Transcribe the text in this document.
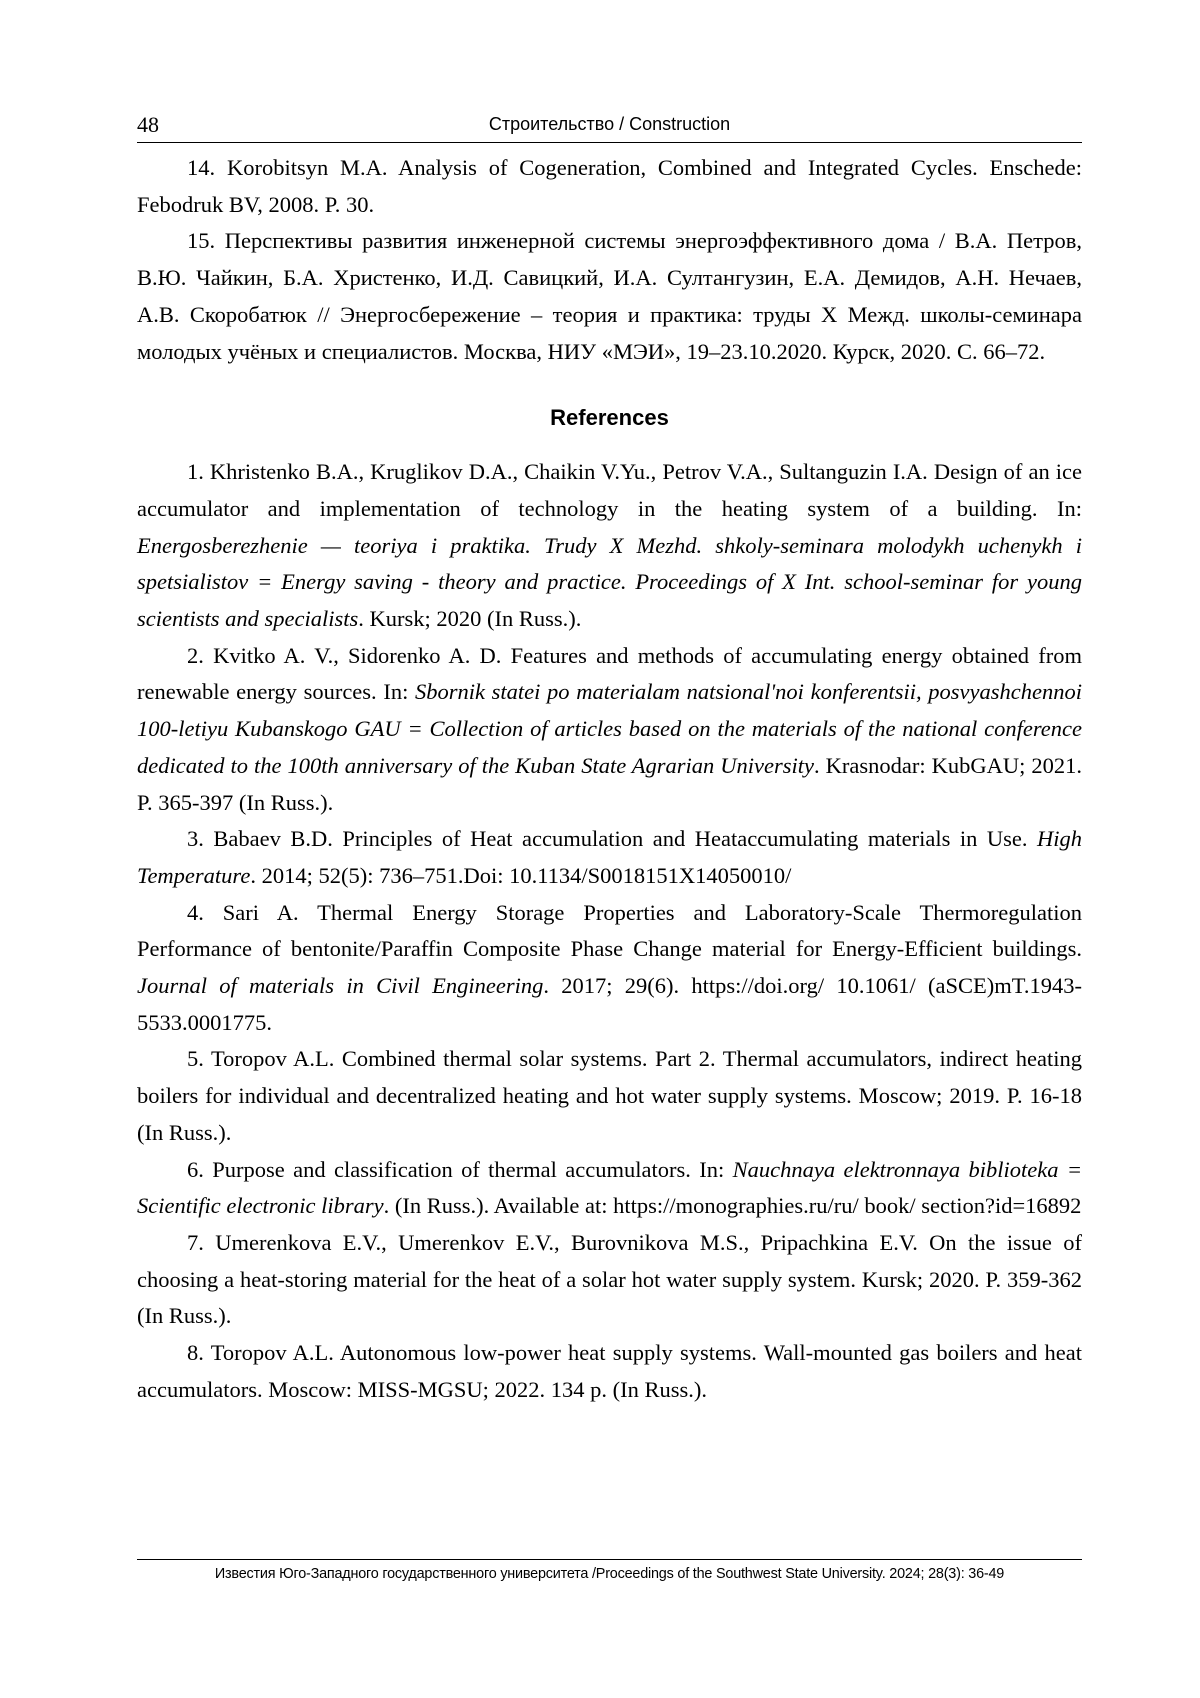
48	Строительство / Construction

14. Korobitsyn M.A. Analysis of Cogeneration, Combined and Integrated Cycles. Enschede: Febodruk BV, 2008. P. 30.

15. Перспективы развития инженерной системы энергоэффективного дома / В.А. Петров, В.Ю. Чайкин, Б.А. Христенко, И.Д. Савицкий, И.А. Султангузин, Е.А. Демидов, А.Н. Нечаев, А.В. Скоробатюк // Энергосбережение – теория и практика: труды X Межд. школы-семинара молодых учёных и специалистов. Москва, НИУ «МЭИ», 19–23.10.2020. Курск, 2020. С. 66–72.

References

1. Khristenko B.A., Kruglikov D.A., Chaikin V.Yu., Petrov V.A., Sultanguzin I.A. Design of an ice accumulator and implementation of technology in the heating system of a building. In: Energosberezhenie — teoriya i praktika. Trudy X Mezhd. shkoly-seminara molodykh uchenykh i spetsialistov = Energy saving - theory and practice. Proceedings of X Int. school-seminar for young scientists and specialists. Kursk; 2020 (In Russ.).

2. Kvitko A. V., Sidorenko A. D. Features and methods of accumulating energy obtained from renewable energy sources. In: Sbornik statei po materialam natsional'noi konferentsii, posvyashchennoi 100-letiyu Kubanskogo GAU = Collection of articles based on the materials of the national conference dedicated to the 100th anniversary of the Kuban State Agrarian University. Krasnodar: KubGAU; 2021. P. 365-397 (In Russ.).

3. Babaev B.D. Principles of Heat accumulation and Heataccumulating materials in Use. High Temperature. 2014; 52(5): 736–751.Doi: 10.1134/S0018151X14050010/

4. Sari A. Thermal Energy Storage Properties and Laboratory-Scale Thermoregulation Performance of bentonite/Paraffin Composite Phase Change material for Energy-Efficient buildings. Journal of materials in Civil Engineering. 2017; 29(6). https://doi.org/ 10.1061/ (aSCE)mT.1943-5533.0001775.

5. Toropov A.L. Combined thermal solar systems. Part 2. Thermal accumulators, indirect heating boilers for individual and decentralized heating and hot water supply systems. Moscow; 2019. P. 16-18 (In Russ.).

6. Purpose and classification of thermal accumulators. In: Nauchnaya elektronnaya biblioteka = Scientific electronic library. (In Russ.). Available at: https://monographies.ru/ru/ book/ section?id=16892

7. Umerenkova E.V., Umerenkov E.V., Burovnikova M.S., Pripachkina E.V. On the issue of choosing a heat-storing material for the heat of a solar hot water supply system. Kursk; 2020. P. 359-362 (In Russ.).

8. Toropov A.L. Autonomous low-power heat supply systems. Wall-mounted gas boilers and heat accumulators. Moscow: MISS-MGSU; 2022. 134 p. (In Russ.).

Известия Юго-Западного государственного университета /Proceedings of the Southwest State University. 2024; 28(3): 36-49
